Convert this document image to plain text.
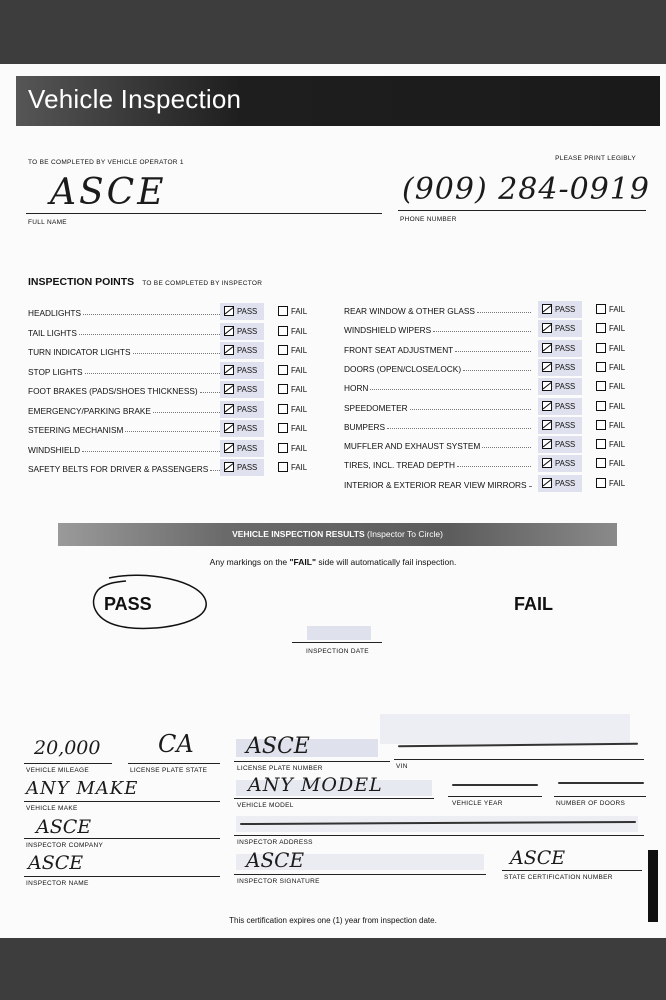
Vehicle Inspection
TO BE COMPLETED BY VEHICLE OPERATOR 1
PLEASE PRINT LEGIBLY
ASCE
FULL NAME
(909) 284-0919
PHONE NUMBER
INSPECTION POINTS TO BE COMPLETED BY INSPECTOR
HEADLIGHTS	PASS	FAIL
TAIL LIGHTS	PASS	FAIL
TURN INDICATOR LIGHTS	PASS	FAIL
STOP LIGHTS	PASS	FAIL
FOOT BRAKES (PADS/SHOES THICKNESS)	PASS	FAIL
EMERGENCY/PARKING BRAKE	PASS	FAIL
STEERING MECHANISM	PASS	FAIL
WINDSHIELD	PASS	FAIL
SAFETY BELTS FOR DRIVER & PASSENGERS	PASS	FAIL
REAR WINDOW & OTHER GLASS	PASS	FAIL
WINDSHIELD WIPERS	PASS	FAIL
FRONT SEAT ADJUSTMENT	PASS	FAIL
DOORS (OPEN/CLOSE/LOCK)	PASS	FAIL
HORN	PASS	FAIL
SPEEDOMETER	PASS	FAIL
BUMPERS	PASS	FAIL
MUFFLER AND EXHAUST SYSTEM	PASS	FAIL
TIRES, INCL. TREAD DEPTH	PASS	FAIL
INTERIOR & EXTERIOR REAR VIEW MIRRORS	PASS	FAIL
VEHICLE INSPECTION RESULTS (Inspector To Circle)
Any markings on the "FAIL" side will automatically fail inspection.
PASS	FAIL
INSPECTION DATE
20,000
VEHICLE MILEAGE
CA
LICENSE PLATE STATE
ASCE
LICENSE PLATE NUMBER	VIN
ANY MAKE
VEHICLE MAKE
ANY MODEL
VEHICLE MODEL	VEHICLE YEAR	NUMBER OF DOORS
ASCE
INSPECTOR COMPANY	INSPECTOR ADDRESS
ASCE
INSPECTOR NAME
ASCE
INSPECTOR SIGNATURE
ASCE
STATE CERTIFICATION NUMBER
This certification expires one (1) year from inspection date.
